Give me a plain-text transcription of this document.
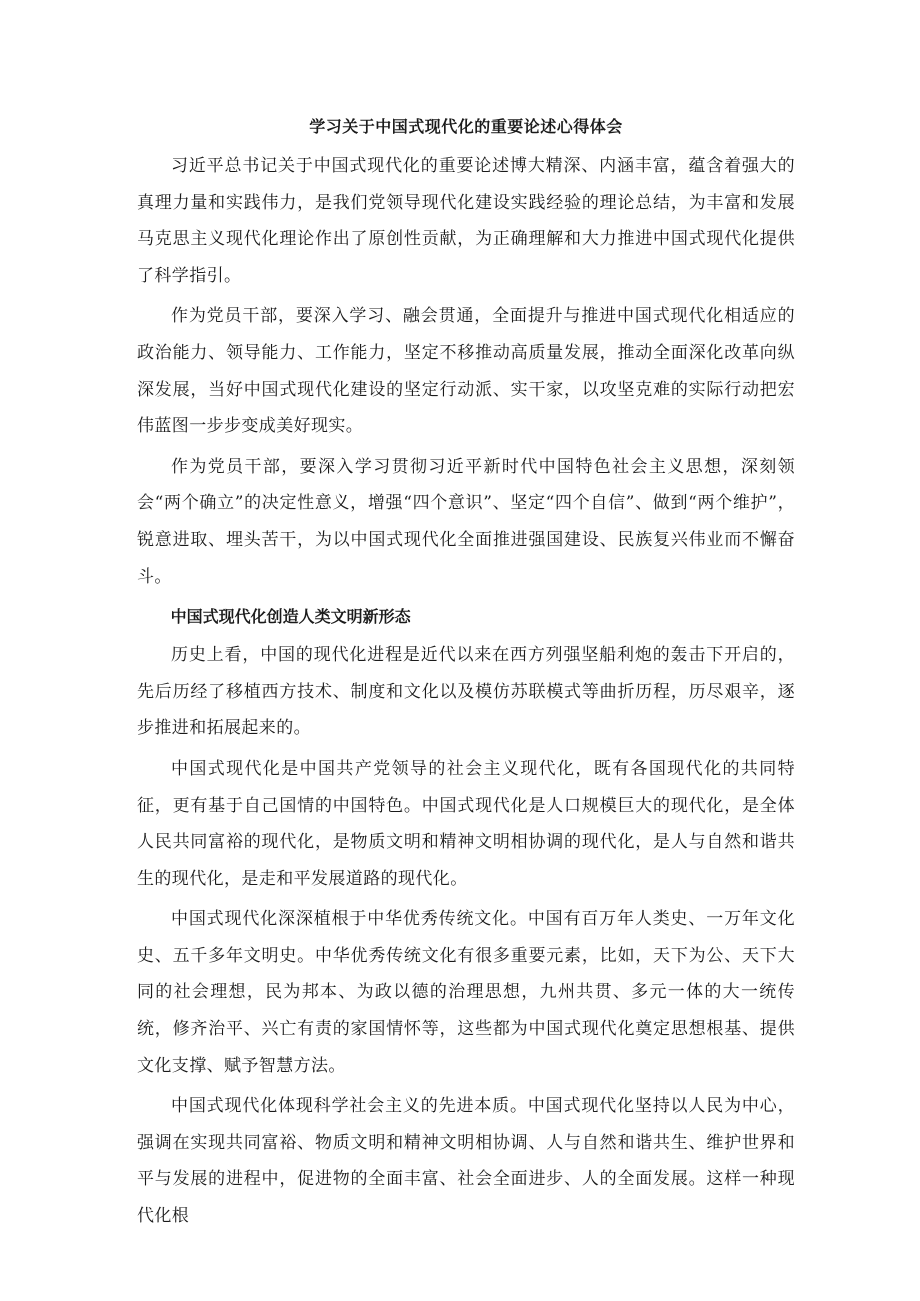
学习关于中国式现代化的重要论述心得体会

习近平总书记关于中国式现代化的重要论述博大精深、内涵丰富，蕴含着强大的真理力量和实践伟力，是我们党领导现代化建设实践经验的理论总结，为丰富和发展马克思主义现代化理论作出了原创性贡献，为正确理解和大力推进中国式现代化提供了科学指引。

作为党员干部，要深入学习、融会贯通，全面提升与推进中国式现代化相适应的政治能力、领导能力、工作能力，坚定不移推动高质量发展，推动全面深化改革向纵深发展，当好中国式现代化建设的坚定行动派、实干家，以攻坚克难的实际行动把宏伟蓝图一步步变成美好现实。

作为党员干部，要深入学习贯彻习近平新时代中国特色社会主义思想，深刻领会“两个确立”的决定性意义，增强“四个意识”、坚定“四个自信”、做到“两个维护”，锐意进取、埋头苦干，为以中国式现代化全面推进强国建设、民族复兴伟业而不懈奋斗。

中国式现代化创造人类文明新形态

历史上看，中国的现代化进程是近代以来在西方列强坚船利炮的轰击下开启的，先后历经了移植西方技术、制度和文化以及模仿苏联模式等曲折历程，历尽艰辛，逐步推进和拓展起来的。

中国式现代化是中国共产党领导的社会主义现代化，既有各国现代化的共同特征，更有基于自己国情的中国特色。中国式现代化是人口规模巨大的现代化，是全体人民共同富裕的现代化，是物质文明和精神文明相协调的现代化，是人与自然和谐共生的现代化，是走和平发展道路的现代化。

中国式现代化深深植根于中华优秀传统文化。中国有百万年人类史、一万年文化史、五千多年文明史。中华优秀传统文化有很多重要元素，比如，天下为公、天下大同的社会理想，民为邦本、为政以德的治理思想，九州共贯、多元一体的大一统传统，修齐治平、兴亡有责的家国情怀等，这些都为中国式现代化奠定思想根基、提供文化支撑、赋予智慧方法。

中国式现代化体现科学社会主义的先进本质。中国式现代化坚持以人民为中心，强调在实现共同富裕、物质文明和精神文明相协调、人与自然和谐共生、维护世界和平与发展的进程中，促进物的全面丰富、社会全面进步、人的全面发展。这样一种现代化根
